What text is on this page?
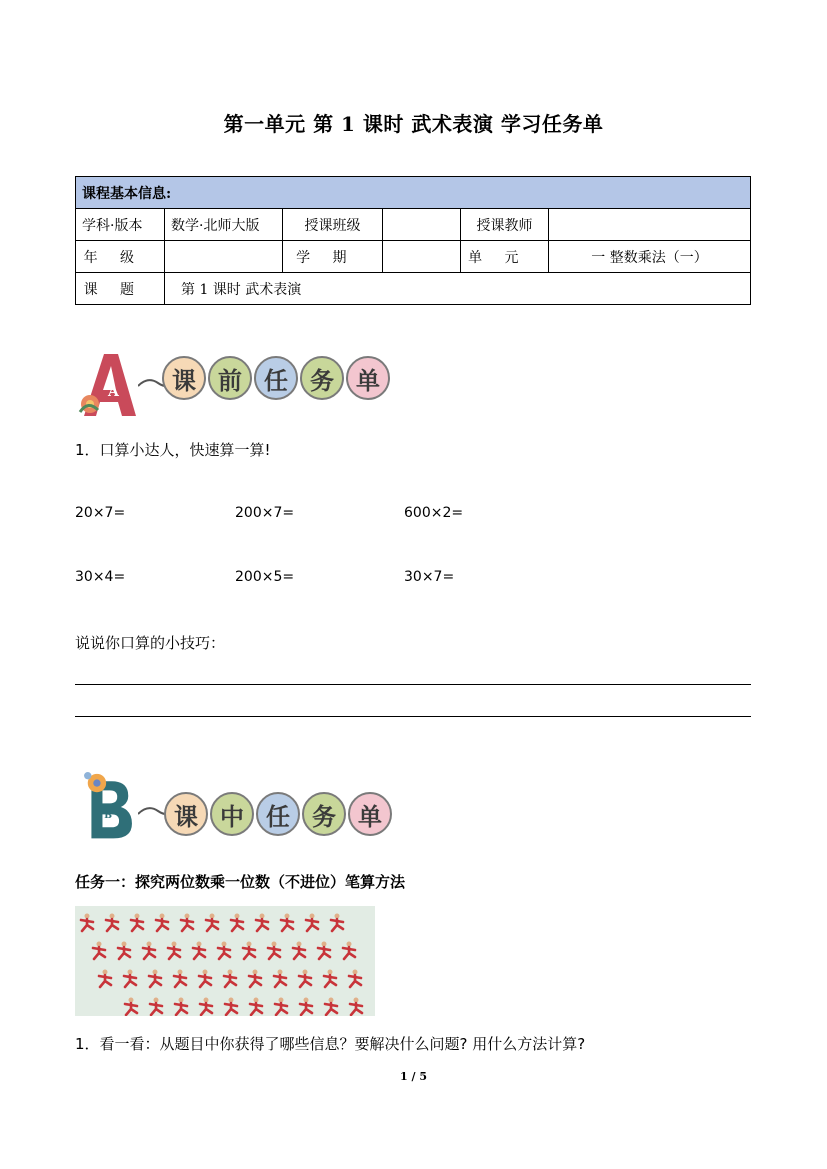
第一单元 第 1 课时 武术表演 学习任务单
课程基本信息:					
学科·版本	数学·北师大版	授课班级		授课教师	
年级		学期		单元	一 整数乘法（一）
课题	第 1 课时 武术表演				
A	课 前 任 务 单
1．口算小达人，快速算一算!
20×7=	200×7=	600×2=
30×4=	200×5=	30×7=
说说你口算的小技巧：
B	课 中 任 务 单
任务一：探究两位数乘一位数（不进位）笔算方法
1．看一看：从题目中你获得了哪些信息？要解决什么问题? 用什么方法计算?
1 / 5
